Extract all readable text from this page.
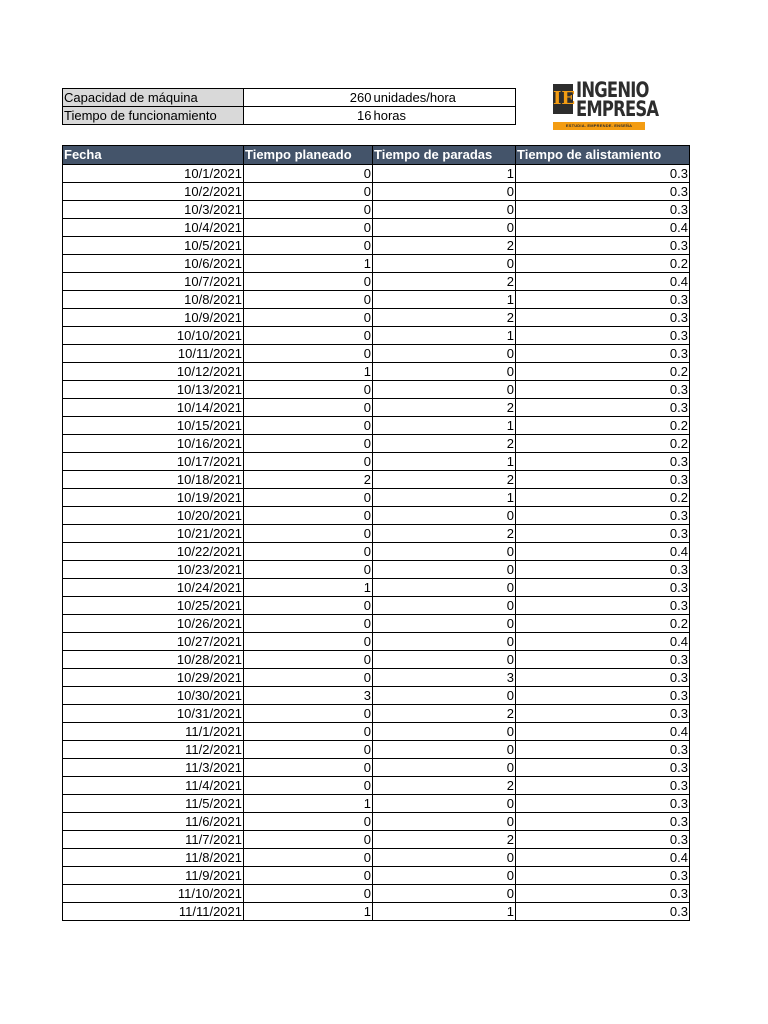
Capacidad de máquina	260	unidades/hora
Tiempo de funcionamiento	16	horas
IE INGENIO
EMPRESA
ESTUDIA. EMPRENDE. ENSEÑA
Fecha	Tiempo planeado	Tiempo de paradas	Tiempo de alistamiento
10/1/2021	0	1	0.3
10/2/2021	0	0	0.3
10/3/2021	0	0	0.3
10/4/2021	0	0	0.4
10/5/2021	0	2	0.3
10/6/2021	1	0	0.2
10/7/2021	0	2	0.4
10/8/2021	0	1	0.3
10/9/2021	0	2	0.3
10/10/2021	0	1	0.3
10/11/2021	0	0	0.3
10/12/2021	1	0	0.2
10/13/2021	0	0	0.3
10/14/2021	0	2	0.3
10/15/2021	0	1	0.2
10/16/2021	0	2	0.2
10/17/2021	0	1	0.3
10/18/2021	2	2	0.3
10/19/2021	0	1	0.2
10/20/2021	0	0	0.3
10/21/2021	0	2	0.3
10/22/2021	0	0	0.4
10/23/2021	0	0	0.3
10/24/2021	1	0	0.3
10/25/2021	0	0	0.3
10/26/2021	0	0	0.2
10/27/2021	0	0	0.4
10/28/2021	0	0	0.3
10/29/2021	0	3	0.3
10/30/2021	3	0	0.3
10/31/2021	0	2	0.3
11/1/2021	0	0	0.4
11/2/2021	0	0	0.3
11/3/2021	0	0	0.3
11/4/2021	0	2	0.3
11/5/2021	1	0	0.3
11/6/2021	0	0	0.3
11/7/2021	0	2	0.3
11/8/2021	0	0	0.4
11/9/2021	0	0	0.3
11/10/2021	0	0	0.3
11/11/2021	1	1	0.3
